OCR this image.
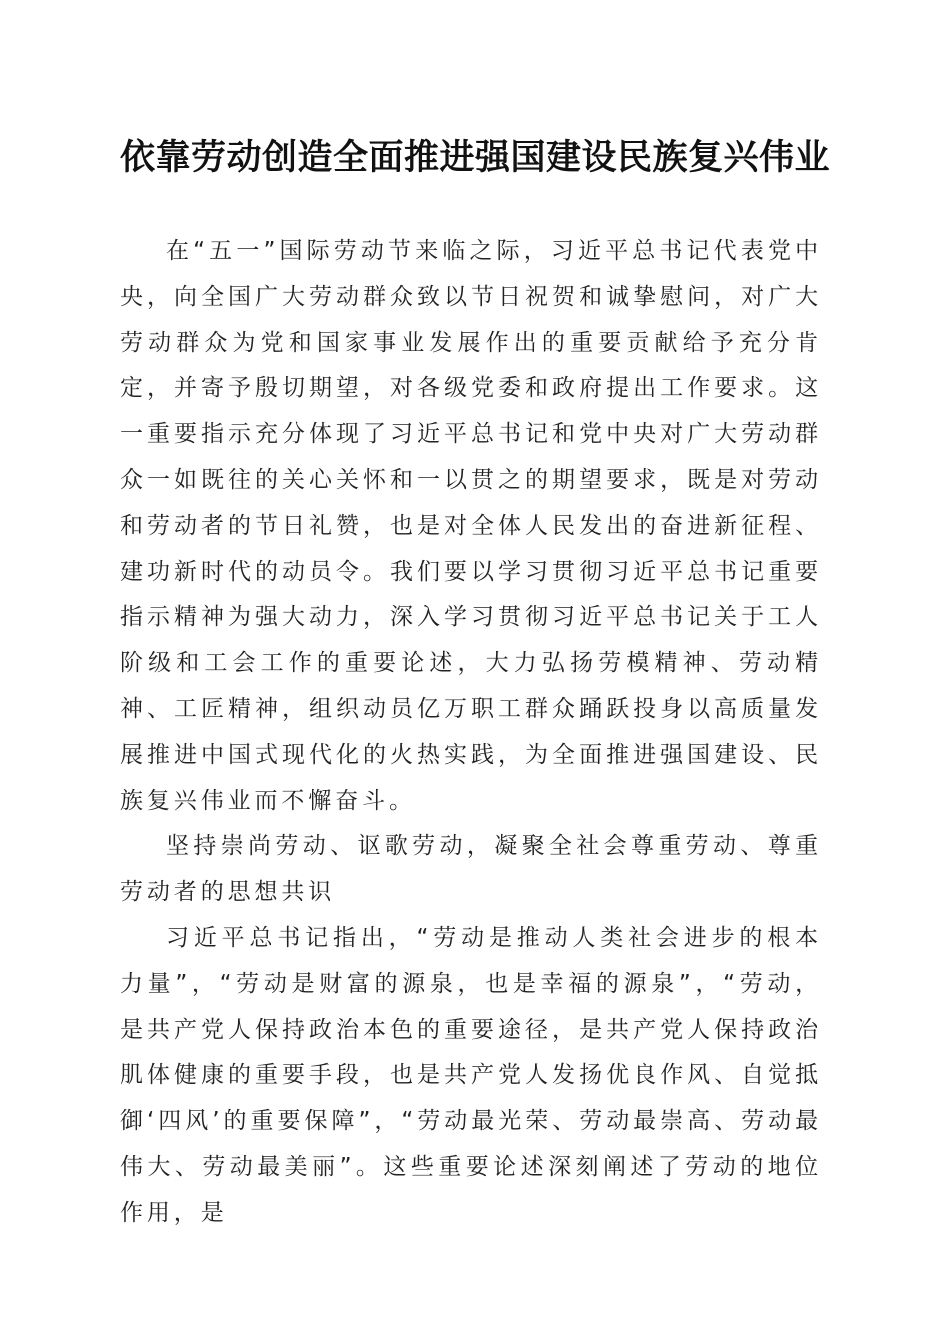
依靠劳动创造全面推进强国建设民族复兴伟业

在“五一”国际劳动节来临之际，习近平总书记代表党中央，向全国广大劳动群众致以节日祝贺和诚挚慰问，对广大劳动群众为党和国家事业发展作出的重要贡献给予充分肯定，并寄予殷切期望，对各级党委和政府提出工作要求。这一重要指示充分体现了习近平总书记和党中央对广大劳动群众一如既往的关心关怀和一以贯之的期望要求，既是对劳动和劳动者的节日礼赞，也是对全体人民发出的奋进新征程、建功新时代的动员令。我们要以学习贯彻习近平总书记重要指示精神为强大动力，深入学习贯彻习近平总书记关于工人阶级和工会工作的重要论述，大力弘扬劳模精神、劳动精神、工匠精神，组织动员亿万职工群众踊跃投身以高质量发展推进中国式现代化的火热实践，为全面推进强国建设、民族复兴伟业而不懈奋斗。

坚持崇尚劳动、讴歌劳动，凝聚全社会尊重劳动、尊重劳动者的思想共识

习近平总书记指出，“劳动是推动人类社会进步的根本力量”，“劳动是财富的源泉，也是幸福的源泉”，“劳动，是共产党人保持政治本色的重要途径，是共产党人保持政治肌体健康的重要手段，也是共产党人发扬优良作风、自觉抵御‘四风’的重要保障”，“劳动最光荣、劳动最崇高、劳动最伟大、劳动最美丽”。这些重要论述深刻阐述了劳动的地位作用，是
